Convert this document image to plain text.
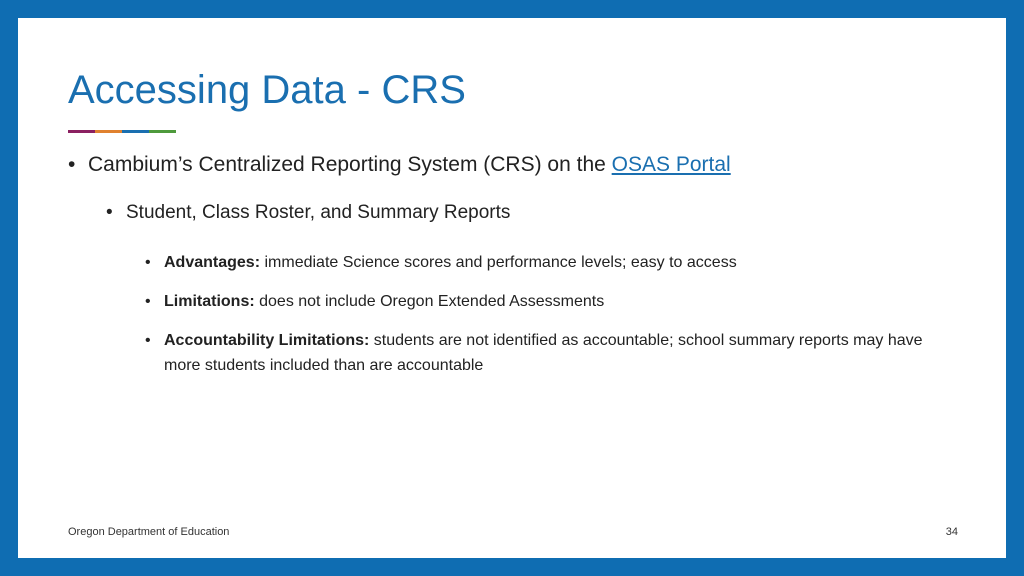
Accessing Data - CRS
• Cambium’s Centralized Reporting System (CRS) on the OSAS Portal
• Student, Class Roster, and Summary Reports
• Advantages: immediate Science scores and performance levels; easy to access
• Limitations: does not include Oregon Extended Assessments
• Accountability Limitations: students are not identified as accountable; school summary reports may have more students included than are accountable
Oregon Department of Education	34
